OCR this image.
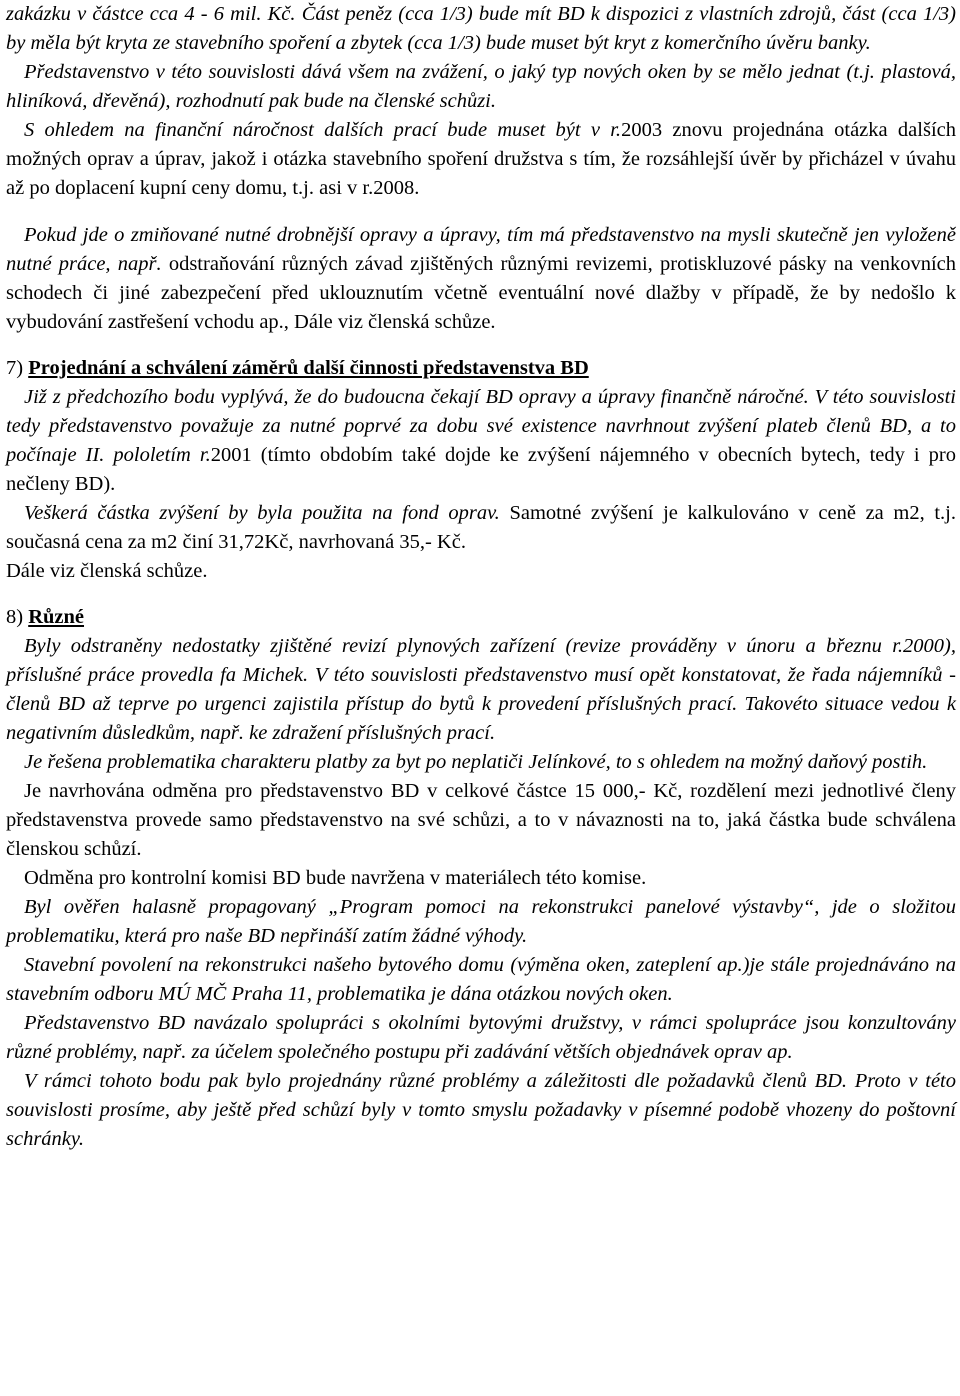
zakázku v částce cca 4 - 6 mil. Kč. Část peněz (cca 1/3) bude mít BD k dispozici z vlastních zdrojů, část (cca 1/3) by měla být kryta ze stavebního spoření a zbytek (cca 1/3) bude muset být kryt z komerčního úvěru banky.

Představenstvo v této souvislosti dává všem na zvážení, o jaký typ nových oken by se mělo jednat (t.j. plastová, hliníková, dřevěná), rozhodnutí pak bude na členské schůzi.

S ohledem na finanční náročnost dalších prací bude muset být v r.2003 znovu projednána otázka dalších možných oprav a úprav, jakož i otázka stavebního spoření družstva s tím, že rozsáhlejší úvěr by přicházel v úvahu až po doplacení kupní ceny domu, t.j. asi v r.2008.

Pokud jde o zmiňované nutné drobnější opravy a úpravy, tím má představenstvo na mysli skutečně jen vyloženě nutné práce, např. odstraňování různých závad zjištěných různými revizemi, protiskluzové pásky na venkovních schodech či jiné zabezpečení před uklouznutím včetně eventuální nové dlažby v případě, že by nedošlo k vybudování zastřešení vchodu ap., Dále viz členská schůze.

7) Projednání a schválení záměrů další činnosti představenstva BD

Již z předchozího bodu vyplývá, že do budoucna čekají BD opravy a úpravy finančně náročné. V této souvislosti tedy představenstvo považuje za nutné poprvé za dobu své existence navrhnout zvýšení plateb členů BD, a to počínaje II. pololetím r.2001 (tímto obdobím také dojde ke zvýšení nájemného v obecních bytech, tedy i pro nečleny BD).

Veškerá částka zvýšení by byla použita na fond oprav. Samotné zvýšení je kalkulováno v ceně za m2, t.j. současná cena za m2 činí 31,72Kč, navrhovaná 35,- Kč.

Dále viz členská schůze.

8) Různé

Byly odstraněny nedostatky zjištěné revizí plynových zařízení (revize prováděny v únoru a březnu r.2000), příslušné práce provedla fa Michek. V této souvislosti představenstvo musí opět konstatovat, že řada nájemníků - členů BD až teprve po urgenci zajistila přístup do bytů k provedení příslušných prací. Takovéto situace vedou k negativním důsledkům, např. ke zdražení příslušných prací.

Je řešena problematika charakteru platby za byt po neplatiči Jelínkové, to s ohledem na možný daňový postih.

Je navrhována odměna pro představenstvo BD v celkové částce 15 000,- Kč, rozdělení mezi jednotlivé členy představenstva provede samo představenstvo na své schůzi, a to v návaznosti na to, jaká částka bude schválena členskou schůzí.

Odměna pro kontrolní komisi BD bude navržena v materiálech této komise.

Byl ověřen halasně propagovaný „Program pomoci na rekonstrukci panelové výstavby“, jde o složitou problematiku, která pro naše BD nepřináší zatím žádné výhody.

Stavební povolení na rekonstrukci našeho bytového domu (výměna oken, zateplení ap.)je stále projednáváno na stavebním odboru MÚ MČ Praha 11, problematika je dána otázkou nových oken.

Představenstvo BD navázalo spolupráci s okolními bytovými družstvy, v rámci spolupráce jsou konzultovány různé problémy, např. za účelem společného postupu při zadávání větších objednávek oprav ap.

V rámci tohoto bodu pak bylo projednány různé problémy a záležitosti dle požadavků členů BD. Proto v této souvislosti prosíme, aby ještě před schůzí byly v tomto smyslu požadavky v písemné podobě vhozeny do poštovní schránky.
